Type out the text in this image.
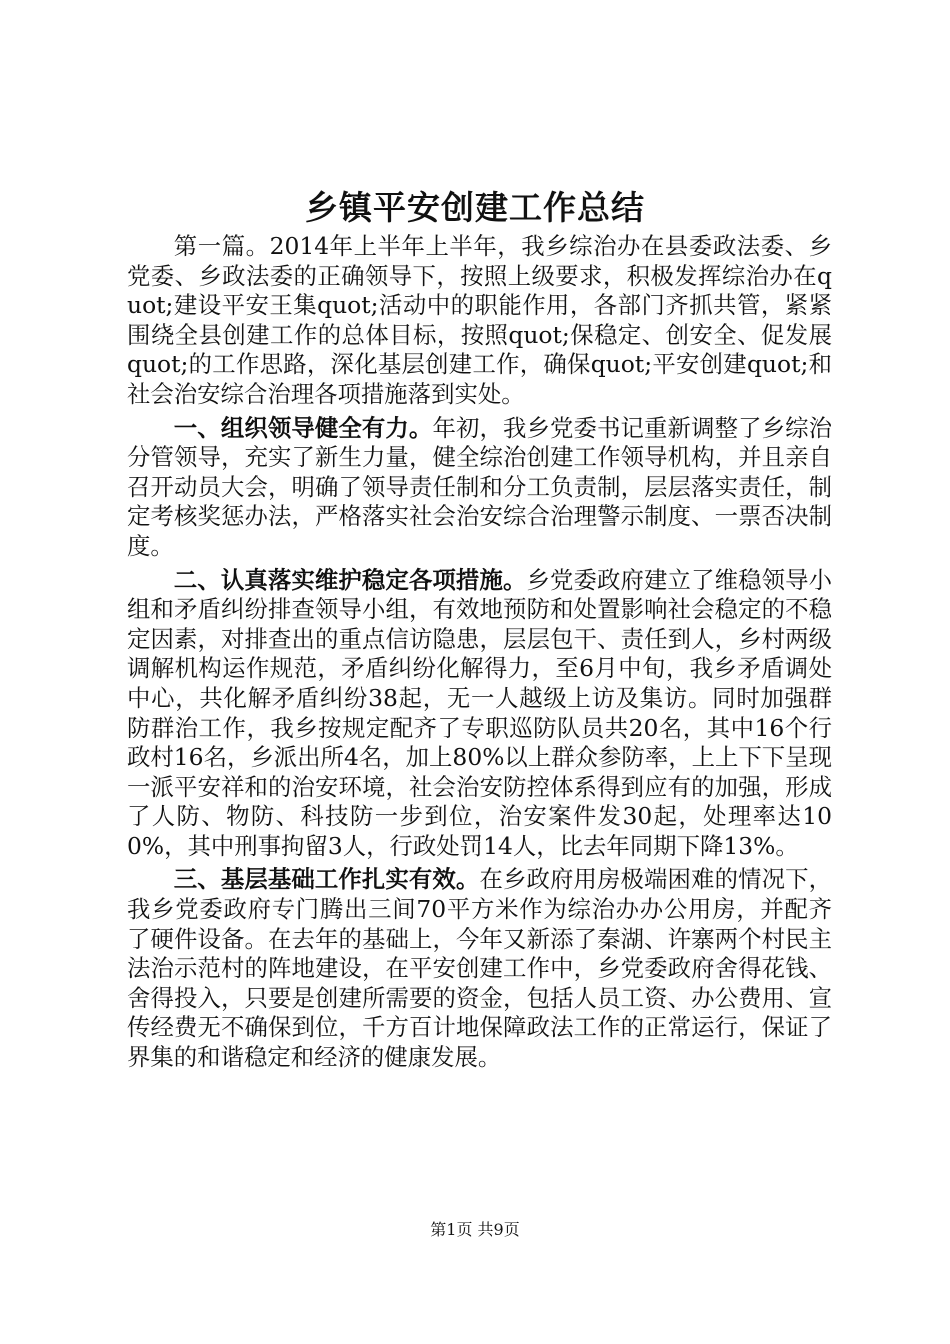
乡镇平安创建工作总结

第一篇。2014年上半年上半年，我乡综治办在县委政法委、乡党委、乡政法委的正确领导下，按照上级要求，积极发挥综治办在quot;建设平安王集quot;活动中的职能作用，各部门齐抓共管，紧紧围绕全县创建工作的总体目标，按照quot;保稳定、创安全、促发展quot;的工作思路，深化基层创建工作，确保quot;平安创建quot;和社会治安综合治理各项措施落到实处。

一、组织领导健全有力。年初，我乡党委书记重新调整了乡综治分管领导，充实了新生力量，健全综治创建工作领导机构，并且亲自召开动员大会，明确了领导责任制和分工负责制，层层落实责任，制定考核奖惩办法，严格落实社会治安综合治理警示制度、一票否决制度。

二、认真落实维护稳定各项措施。乡党委政府建立了维稳领导小组和矛盾纠纷排查领导小组，有效地预防和处置影响社会稳定的不稳定因素，对排查出的重点信访隐患，层层包干、责任到人，乡村两级调解机构运作规范，矛盾纠纷化解得力，至6月中旬，我乡矛盾调处中心，共化解矛盾纠纷38起，无一人越级上访及集访。同时加强群防群治工作，我乡按规定配齐了专职巡防队员共20名，其中16个行政村16名，乡派出所4名，加上80%以上群众参防率，上上下下呈现一派平安祥和的治安环境，社会治安防控体系得到应有的加强，形成了人防、物防、科技防一步到位，治安案件发30起，处理率达100%，其中刑事拘留3人，行政处罚14人，比去年同期下降13%。

三、基层基础工作扎实有效。在乡政府用房极端困难的情况下，我乡党委政府专门腾出三间70平方米作为综治办办公用房，并配齐了硬件设备。在去年的基础上，今年又新添了秦湖、许寨两个村民主法治示范村的阵地建设，在平安创建工作中，乡党委政府舍得花钱、舍得投入，只要是创建所需要的资金，包括人员工资、办公费用、宣传经费无不确保到位，千方百计地保障政法工作的正常运行，保证了界集的和谐稳定和经济的健康发展。

第1页 共9页
